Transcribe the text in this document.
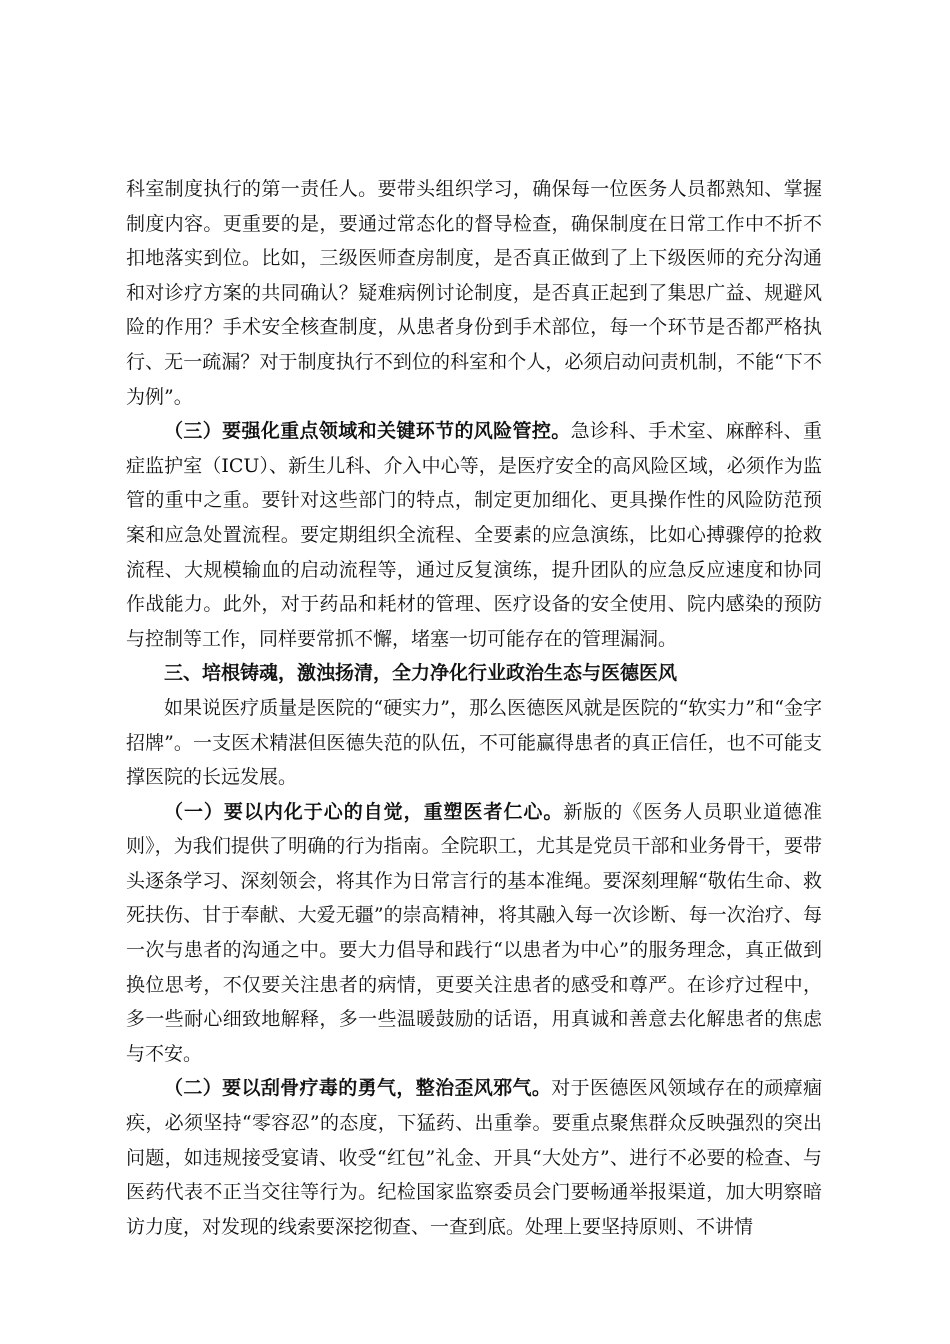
科室制度执行的第一责任人。要带头组织学习，确保每一位医务人员都熟知、掌握制度内容。更重要的是，要通过常态化的督导检查，确保制度在日常工作中不折不扣地落实到位。比如，三级医师查房制度，是否真正做到了上下级医师的充分沟通和对诊疗方案的共同确认？疑难病例讨论制度，是否真正起到了集思广益、规避风险的作用？手术安全核查制度，从患者身份到手术部位，每一个环节是否都严格执行、无一疏漏？对于制度执行不到位的科室和个人，必须启动问责机制，不能“下不为例”。

（三）要强化重点领域和关键环节的风险管控。急诊科、手术室、麻醉科、重症监护室（ICU）、新生儿科、介入中心等，是医疗安全的高风险区域，必须作为监管的重中之重。要针对这些部门的特点，制定更加细化、更具操作性的风险防范预案和应急处置流程。要定期组织全流程、全要素的应急演练，比如心搏骤停的抢救流程、大规模输血的启动流程等，通过反复演练，提升团队的应急反应速度和协同作战能力。此外，对于药品和耗材的管理、医疗设备的安全使用、院内感染的预防与控制等工作，同样要常抓不懈，堵塞一切可能存在的管理漏洞。

三、培根铸魂，激浊扬清，全力净化行业政治生态与医德医风

如果说医疗质量是医院的“硬实力”，那么医德医风就是医院的“软实力”和“金字招牌”。一支医术精湛但医德失范的队伍，不可能赢得患者的真正信任，也不可能支撑医院的长远发展。

（一）要以内化于心的自觉，重塑医者仁心。新版的《医务人员职业道德准则》，为我们提供了明确的行为指南。全院职工，尤其是党员干部和业务骨干，要带头逐条学习、深刻领会，将其作为日常言行的基本准绳。要深刻理解“敬佑生命、救死扶伤、甘于奉献、大爱无疆”的崇高精神，将其融入每一次诊断、每一次治疗、每一次与患者的沟通之中。要大力倡导和践行“以患者为中心”的服务理念，真正做到换位思考，不仅要关注患者的病情，更要关注患者的感受和尊严。在诊疗过程中，多一些耐心细致地解释，多一些温暖鼓励的话语，用真诚和善意去化解患者的焦虑与不安。

（二）要以刮骨疗毒的勇气，整治歪风邪气。对于医德医风领域存在的顽瘴痼疾，必须坚持“零容忍”的态度，下猛药、出重拳。要重点聚焦群众反映强烈的突出问题，如违规接受宴请、收受“红包”礼金、开具“大处方”、进行不必要的检查、与医药代表不正当交往等行为。纪检国家监察委员会门要畅通举报渠道，加大明察暗访力度，对发现的线索要深挖彻查、一查到底。处理上要坚持原则、不讲情
